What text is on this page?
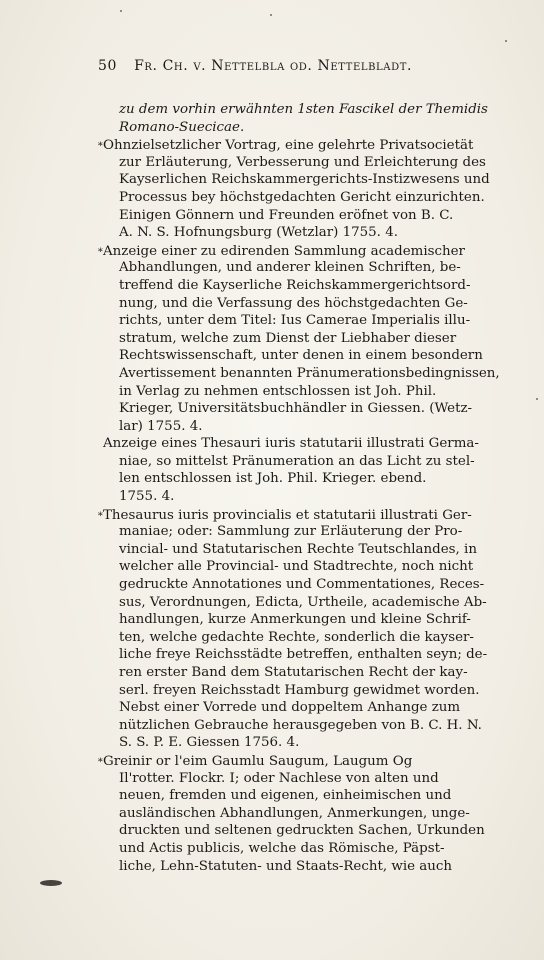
50 Fr. Ch. v. Nettelbla od. Nettelbladt.
zu dem vorhin erwähnten 1sten Fascikel der Themidis
Romano-Suecicae.
∗Ohnzielsetzlicher Vortrag, eine gelehrte Privatsocietät
zur Erläuterung, Verbesserung und Erleichterung des
Kayserlichen Reichskammergerichts-Instizwesens und
Processus bey höchstgedachten Gericht einzurichten.
Einigen Gönnern und Freunden eröfnet von B. C.
A. N. S. Hofnungsburg (Wetzlar) 1755. 4.
∗Anzeige einer zu edirenden Sammlung academischer
Abhandlungen, und anderer kleinen Schriften, be-
treffend die Kayserliche Reichskammergerichtsord-
nung, und die Verfassung des höchstgedachten Ge-
richts, unter dem Titel: Ius Camerae Imperialis illu-
stratum, welche zum Dienst der Liebhaber dieser
Rechtswissenschaft, unter denen in einem besondern
Avertissement benannten Pränumerationsbedingnissen,
in Verlag zu nehmen entschlossen ist Joh. Phil.
Krieger, Universitätsbuchhändler in Giessen. (Wetz-
lar) 1755. 4.
Anzeige eines Thesauri iuris statutarii illustrati Germa-
niae, so mittelst Pränumeration an das Licht zu stel-
len entschlossen ist Joh. Phil. Krieger. ebend.
1755. 4.
∗Thesaurus iuris provincialis et statutarii illustrati Ger-
maniae; oder: Sammlung zur Erläuterung der Pro-
vincial- und Statutarischen Rechte Teutschlandes, in
welcher alle Provincial- und Stadtrechte, noch nicht
gedruckte Annotationes und Commentationes, Reces-
sus, Verordnungen, Edicta, Urtheile, academische Ab-
handlungen, kurze Anmerkungen und kleine Schrif-
ten, welche gedachte Rechte, sonderlich die kayser-
liche freye Reichsstädte betreffen, enthalten seyn; de-
ren erster Band dem Statutarischen Recht der kay-
serl. freyen Reichsstadt Hamburg gewidmet worden.
Nebst einer Vorrede und doppeltem Anhange zum
nützlichen Gebrauche herausgegeben von B. C. H. N.
S. S. P. E. Giessen 1756. 4.
∗Greinir or l'eim Gaumlu Saugum, Laugum Og
Il'rotter. Flockr. I; oder Nachlese von alten und
neuen, fremden und eigenen, einheimischen und
ausländischen Abhandlungen, Anmerkungen, unge-
druckten und seltenen gedruckten Sachen, Urkunden
und Actis publicis, welche das Römische, Päpst-
liche, Lehn-Statuten- und Staats-Recht, wie auch
